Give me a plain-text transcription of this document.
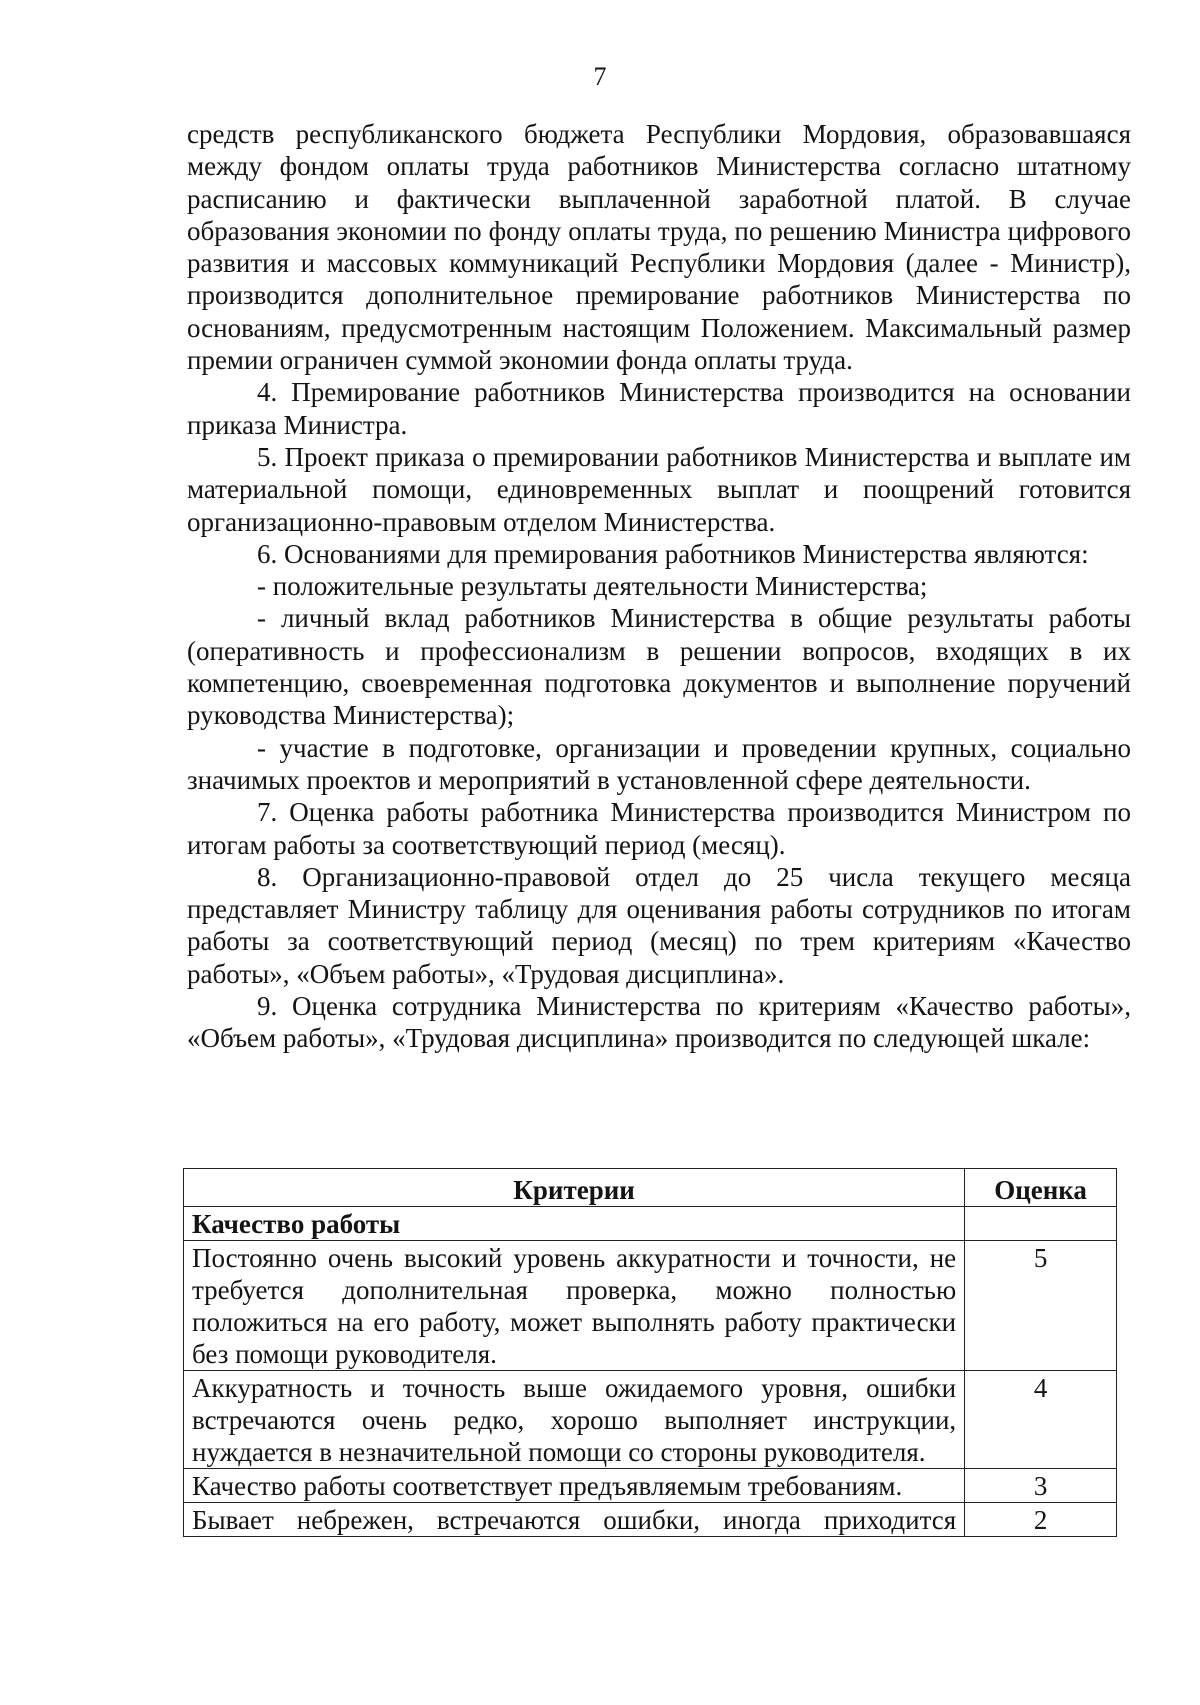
7

средств республиканского бюджета Республики Мордовия, образовавшаяся между фондом оплаты труда работников Министерства согласно штатному расписанию и фактически выплаченной заработной платой. В случае образования экономии по фонду оплаты труда, по решению Министра цифрового развития и массовых коммуникаций Республики Мордовия (далее - Министр), производится дополнительное премирование работников Министерства по основаниям, предусмотренным настоящим Положением. Максимальный размер премии ограничен суммой экономии фонда оплаты труда.

4. Премирование работников Министерства производится на основании приказа Министра.

5. Проект приказа о премировании работников Министерства и выплате им материальной помощи, единовременных выплат и поощрений готовится организационно-правовым отделом Министерства.

6. Основаниями для премирования работников Министерства являются:

- положительные результаты деятельности Министерства;

- личный вклад работников Министерства в общие результаты работы (оперативность и профессионализм в решении вопросов, входящих в их компетенцию, своевременная подготовка документов и выполнение поручений руководства Министерства);

- участие в подготовке, организации и проведении крупных, социально значимых проектов и мероприятий в установленной сфере деятельности.

7. Оценка работы работника Министерства производится Министром по итогам работы за соответствующий период (месяц).

8. Организационно-правовой отдел до 25 числа текущего месяца представляет Министру таблицу для оценивания работы сотрудников по итогам работы за соответствующий период (месяц) по трем критериям «Качество работы», «Объем работы», «Трудовая дисциплина».

9. Оценка сотрудника Министерства по критериям «Качество работы», «Объем работы», «Трудовая дисциплина» производится по следующей шкале:

Критерии	Оценка
Качество работы	
Постоянно очень высокий уровень аккуратности и точности, не требуется дополнительная проверка, можно полностью положиться на его работу, может выполнять работу практически без помощи руководителя.	5
Аккуратность и точность выше ожидаемого уровня, ошибки встречаются очень редко, хорошо выполняет инструкции, нуждается в незначительной помощи со стороны руководителя.	4
Качество работы соответствует предъявляемым требованиям.	3
Бывает небрежен, встречаются ошибки, иногда приходится	2
